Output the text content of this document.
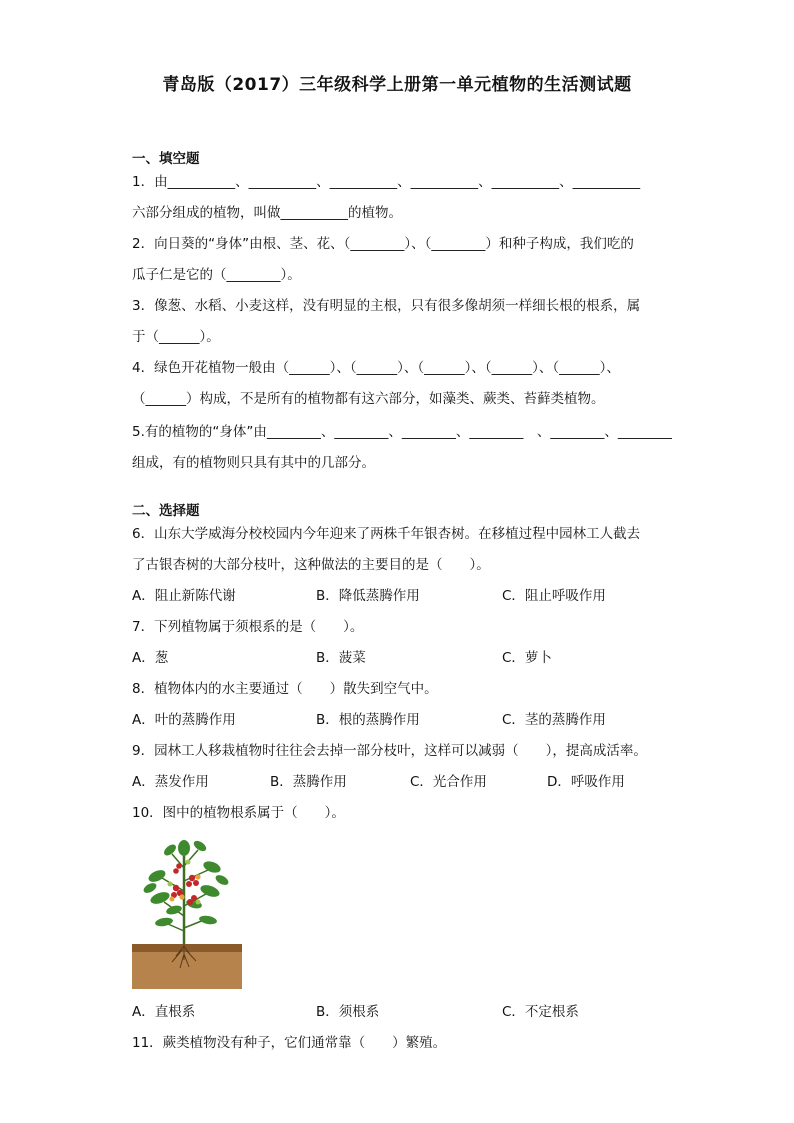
青岛版（2017）三年级科学上册第一单元植物的生活测试题
一、填空题
1．由__________、__________、__________、__________、__________、__________
六部分组成的植物，叫做__________的植物。
2．向日葵的“身体”由根、茎、花、（________）、（________）和种子构成，我们吃的
瓜子仁是它的（________）。
3．像葱、水稻、小麦这样，没有明显的主根，只有很多像胡须一样细长根的根系，属
于（______）。
4．绿色开花植物一般由（______）、（______）、（______）、（______）、（______）、
（______）构成，不是所有的植物都有这六部分，如藻类、蕨类、苔藓类植物。
5.有的植物的“身体”由________、________、________、________　、________、________
组成，有的植物则只具有其中的几部分。
二、选择题
6．山东大学威海分校校园内今年迎来了两株千年银杏树。在移植过程中园林工人截去
了古银杏树的大部分枝叶，这种做法的主要目的是（　　）。
A．阻止新陈代谢	B．降低蒸腾作用	C．阻止呼吸作用
7．下列植物属于须根系的是（　　）。
A．葱	B．菠菜	C．萝卜
8．植物体内的水主要通过（　　）散失到空气中。
A．叶的蒸腾作用	B．根的蒸腾作用	C．茎的蒸腾作用
9．园林工人移栽植物时往往会去掉一部分枝叶，这样可以减弱（　　），提高成活率。
A．蒸发作用	B．蒸腾作用	C．光合作用	D．呼吸作用
10．图中的植物根系属于（　　）。
A．直根系	B．须根系	C．不定根系
11．蕨类植物没有种子，它们通常靠（　　）繁殖。
